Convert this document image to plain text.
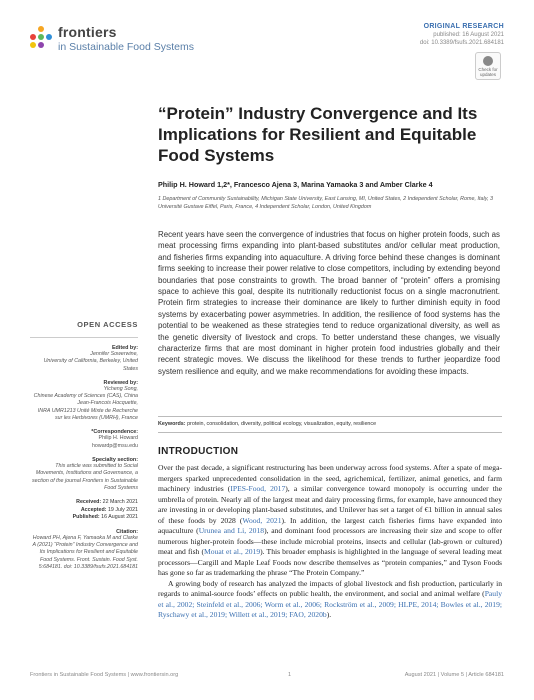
frontiers
in Sustainable Food Systems
ORIGINAL RESEARCH
published: 16 August 2021
doi: 10.3389/fsufs.2021.684181
Check for
updates
“Protein” Industry Convergence and Its Implications for Resilient and Equitable Food Systems
Philip H. Howard 1,2*, Francesco Ajena 3, Marina Yamaoka 3 and Amber Clarke 4
1 Department of Community Sustainability, Michigan State University, East Lansing, MI, United States, 2 Independent Scholar, Rome, Italy, 3 Université Gustave Eiffel, Paris, France, 4 Independent Scholar, London, United Kingdom
Recent years have seen the convergence of industries that focus on higher protein foods, such as meat processing firms expanding into plant-based substitutes and/or cellular meat production, and fisheries firms expanding into aquaculture. A driving force behind these changes is dominant firms seeking to increase their power relative to close competitors, including by extending beyond boundaries that pose constraints to growth. The broad banner of “protein” offers a promising space to achieve this goal, despite its nutritionally reductionist focus on a single macronutrient. Protein firm strategies to increase their dominance are likely to further diminish equity in food systems by exacerbating power asymmetries. In addition, the resilience of food systems has the potential to be weakened as these strategies tend to reduce organizational diversity, as well as the genetic diversity of livestock and crops. To better understand these changes, we visually characterize firms that are most dominant in higher protein food industries globally and their recent strategic moves. We discuss the likelihood for these trends to further jeopardize food system resilience and equity, and we make recommendations for avoiding these impacts.
Keywords: protein, consolidation, diversity, political ecology, visualization, equity, resilience
INTRODUCTION
Over the past decade, a significant restructuring has been underway across food systems. After a spate of mega-mergers sparked unprecedented consolidation in the seed, agrichemical, fertilizer, animal genetics, and farm machinery industries (IPES-Food, 2017), a similar convergence toward monopoly is occurring under the umbrella of protein. Nearly all of the largest meat and dairy processing firms, for example, have announced they are investing in or developing plant-based substitutes, and Unilever has set a target of €1 billion in annual sales of these foods by 2028 (Wood, 2021). In addition, the largest catch fisheries firms have expanded into aquaculture (Urunea and Li, 2018), and dominant food processors are increasing their size and scope to offer numerous higher-protein foods—these include microbial proteins, insects and cellular (lab-grown or cultured) meat and fish (Mouat et al., 2019). This broader emphasis is highlighted in the language of several leading meat processors—Cargill and Maple Leaf Foods now describe themselves as “protein companies,” and Tyson Foods has gone so far as trademarking the phrase “The Protein Company.”
A growing body of research has analyzed the impacts of global livestock and fish production, particularly in regards to animal-source foods’ effects on public health, the environment, and social and animal welfare (Pauly et al., 2002; Steinfeld et al., 2006; Worm et al., 2006; Rockström et al., 2009; HLPE, 2014; Bowles et al., 2019; Ryschawy et al., 2019; Willett et al., 2019; FAO, 2020b).
OPEN ACCESS
Edited by:
Jennifer Sowerwine,
University of California, Berkeley, United States
Reviewed by:
Yicheng Song,
Chinese Academy of Sciences (CAS), China
Jean-Francois Hocquette,
INRA UMR1213 Unité Mixte de Recherche sur les Herbivores (UMRH), France
*Correspondence:
Philip H. Howard
howardp@msu.edu
Specialty section:
This article was submitted to Social Movements, Institutions and Governance, a section of the journal Frontiers in Sustainable Food Systems
Received: 22 March 2021
Accepted: 19 July 2021
Published: 16 August 2021
Citation:
Howard PH, Ajena F, Yamaoka M and Clarke A (2021) “Protein” Industry Convergence and Its Implications for Resilient and Equitable Food Systems. Front. Sustain. Food Syst. 5:684181. doi: 10.3389/fsufs.2021.684181
Frontiers in Sustainable Food Systems | www.frontiersin.org	1	August 2021 | Volume 5 | Article 684181
